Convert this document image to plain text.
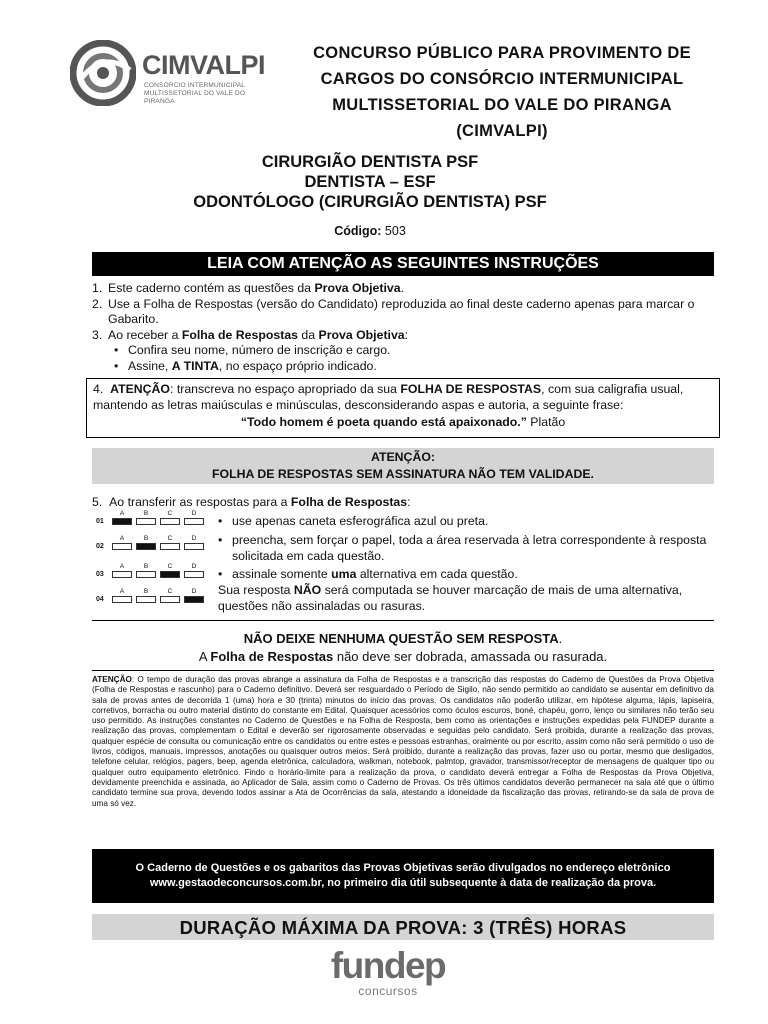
CIMVALPI
CONSÓRCIO INTERMUNICIPAL MULTISSETORIAL DO VALE DO PIRANGA
CONCURSO PÚBLICO PARA PROVIMENTO DE
CARGOS DO CONSÓRCIO INTERMUNICIPAL
MULTISSETORIAL DO VALE DO PIRANGA
(CIMVALPI)
CIRURGIÃO DENTISTA PSF
DENTISTA – ESF
ODONTÓLOGO (CIRURGIÃO DENTISTA) PSF
Código: 503
LEIA COM ATENÇÃO AS SEGUINTES INSTRUÇÕES
1. Este caderno contém as questões da Prova Objetiva.
2. Use a Folha de Respostas (versão do Candidato) reproduzida ao final deste caderno apenas para marcar o Gabarito.
3. Ao receber a Folha de Respostas da Prova Objetiva:
• Confira seu nome, número de inscrição e cargo.
• Assine, A TINTA, no espaço próprio indicado.
4. ATENÇÃO: transcreva no espaço apropriado da sua FOLHA DE RESPOSTAS, com sua caligrafia usual, mantendo as letras maiúsculas e minúsculas, desconsiderando aspas e autoria, a seguinte frase:
“Todo homem é poeta quando está apaixonado.” Platão
ATENÇÃO:
FOLHA DE RESPOSTAS SEM ASSINATURA NÃO TEM VALIDADE.
5. Ao transferir as respostas para a Folha de Respostas:
01
A	B	C	D
02
A	B	C	D
03
A	B	C	D
04
A	B	C	D
• use apenas caneta esferográfica azul ou preta.
• preencha, sem forçar o papel, toda a área reservada à letra correspondente à resposta solicitada em cada questão.
• assinale somente uma alternativa em cada questão.
Sua resposta NÃO será computada se houver marcação de mais de uma alternativa, questões não assinaladas ou rasuras.
NÃO DEIXE NENHUMA QUESTÃO SEM RESPOSTA.
A Folha de Respostas não deve ser dobrada, amassada ou rasurada.
ATENÇÃO: O tempo de duração das provas abrange a assinatura da Folha de Respostas e a transcrição das respostas do Caderno de Questões da Prova Objetiva (Folha de Respostas e rascunho) para o Caderno definitivo. Deverá ser resguardado o Período de Sigilo, não sendo permitido ao candidato se ausentar em definitivo da sala de provas antes de decorrida 1 (uma) hora e 30 (trinta) minutos do início das provas. Os candidatos não poderão utilizar, em hipótese alguma, lápis, lapiseira, corretivos, borracha ou outro material distinto do constante em Edital. Quaisquer acessórios como óculos escuros, boné, chapéu, gorro, lenço ou similares não terão seu uso permitido. As instruções constantes no Caderno de Questões e na Folha de Resposta, bem como as orientações e instruções expedidas pela FUNDEP durante a realização das provas, complementam o Edital e deverão ser rigorosamente observadas e seguidas pelo candidato. Será proibida, durante a realização das provas, qualquer espécie de consulta ou comunicação entre os candidatos ou entre estes e pessoas estranhas, oralmente ou por escrito, assim como não será permitido o uso de livros, códigos, manuais, impressos, anotações ou quaisquer outros meios. Será proibido, durante a realização das provas, fazer uso ou portar, mesmo que desligados, telefone celular, relógios, pagers, beep, agenda eletrônica, calculadora, walkman, notebook, palmtop, gravador, transmissor/receptor de mensagens de qualquer tipo ou qualquer outro equipamento eletrônico. Findo o horário-limite para a realização da prova, o candidato deverá entregar a Folha de Respostas da Prova Objetiva, devidamente preenchida e assinada, ao Aplicador de Sala, assim como o Caderno de Provas. Os três últimos candidatos deverão permanecer na sala até que o último candidato termine sua prova, devendo todos assinar a Ata de Ocorrências da sala, atestando a idoneidade da fiscalização das provas, retirando-se da sala de prova de uma só vez.
O Caderno de Questões e os gabaritos das Provas Objetivas serão divulgados no endereço eletrônico
www.gestaodeconcursos.com.br, no primeiro dia útil subsequente à data de realização da prova.
DURAÇÃO MÁXIMA DA PROVA: 3 (TRÊS) HORAS
fundep
concursos
